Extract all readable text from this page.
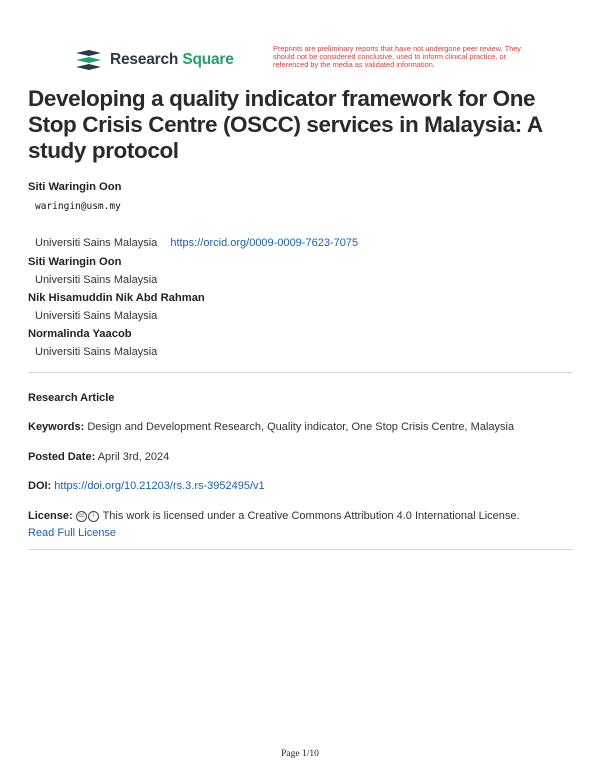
Research Square
Preprints are preliminary reports that have not undergone peer review. They should not be considered conclusive, used to inform clinical practice, or referenced by the media as validated information.
Developing a quality indicator framework for One Stop Crisis Centre (OSCC) services in Malaysia: A study protocol
Siti Waringin Oon
waringin@usm.my
Universiti Sains Malaysia https://orcid.org/0009-0009-7623-7075
Siti Waringin Oon
Universiti Sains Malaysia
Nik Hisamuddin Nik Abd Rahman
Universiti Sains Malaysia
Normalinda Yaacob
Universiti Sains Malaysia
Research Article
Keywords: Design and Development Research, Quality indicator, One Stop Crisis Centre, Malaysia
Posted Date: April 3rd, 2024
DOI: https://doi.org/10.21203/rs.3.rs-3952495/v1
License: cc i This work is licensed under a Creative Commons Attribution 4.0 International License.
Read Full License
Page 1/10
